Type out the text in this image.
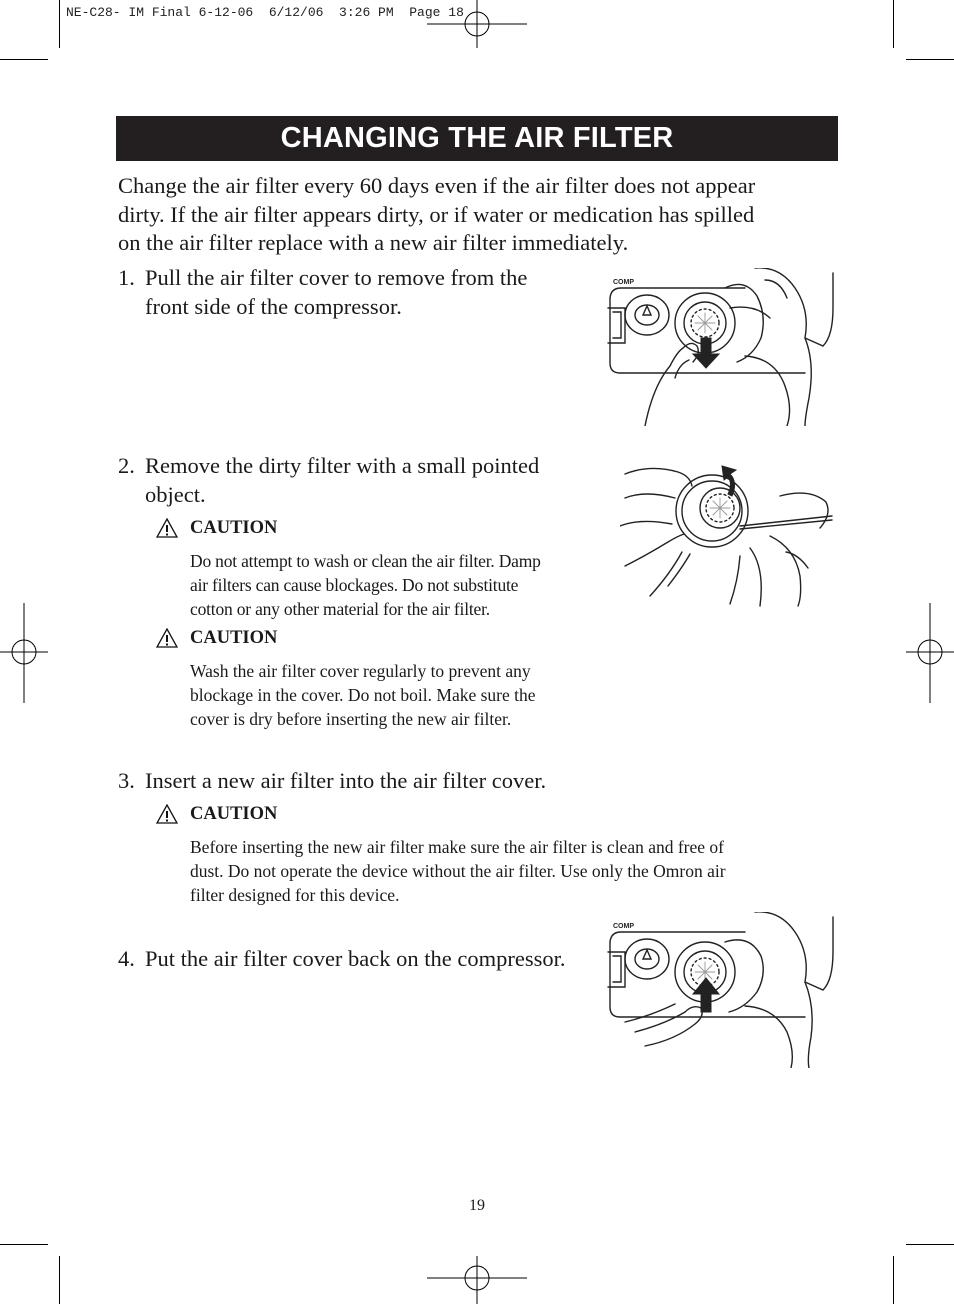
NE-C28- IM Final 6-12-06  6/12/06  3:26 PM  Page 18
CHANGING THE AIR FILTER
Change the air filter every 60 days even if the air filter does not appear
dirty. If the air filter appears dirty, or if water or medication has spilled
on the air filter replace with a new air filter immediately.
1. Pull the air filter cover to remove from the
front side of the compressor.
COMP
2. Remove the dirty filter with a small pointed
object.
CAUTION
Do not attempt to wash or clean the air filter. Damp
air filters can cause blockages. Do not substitute
cotton or any other material for the air filter.
CAUTION
Wash the air filter cover regularly to prevent any
blockage in the cover. Do not boil. Make sure the
cover is dry before inserting the new air filter.
3. Insert a new air filter into the air filter cover.
CAUTION
Before inserting the new air filter make sure the air filter is clean and free of
dust. Do not operate the device without the air filter. Use only the Omron air
filter designed for this device.
4. Put the air filter cover back on the compressor.
COMP
19
